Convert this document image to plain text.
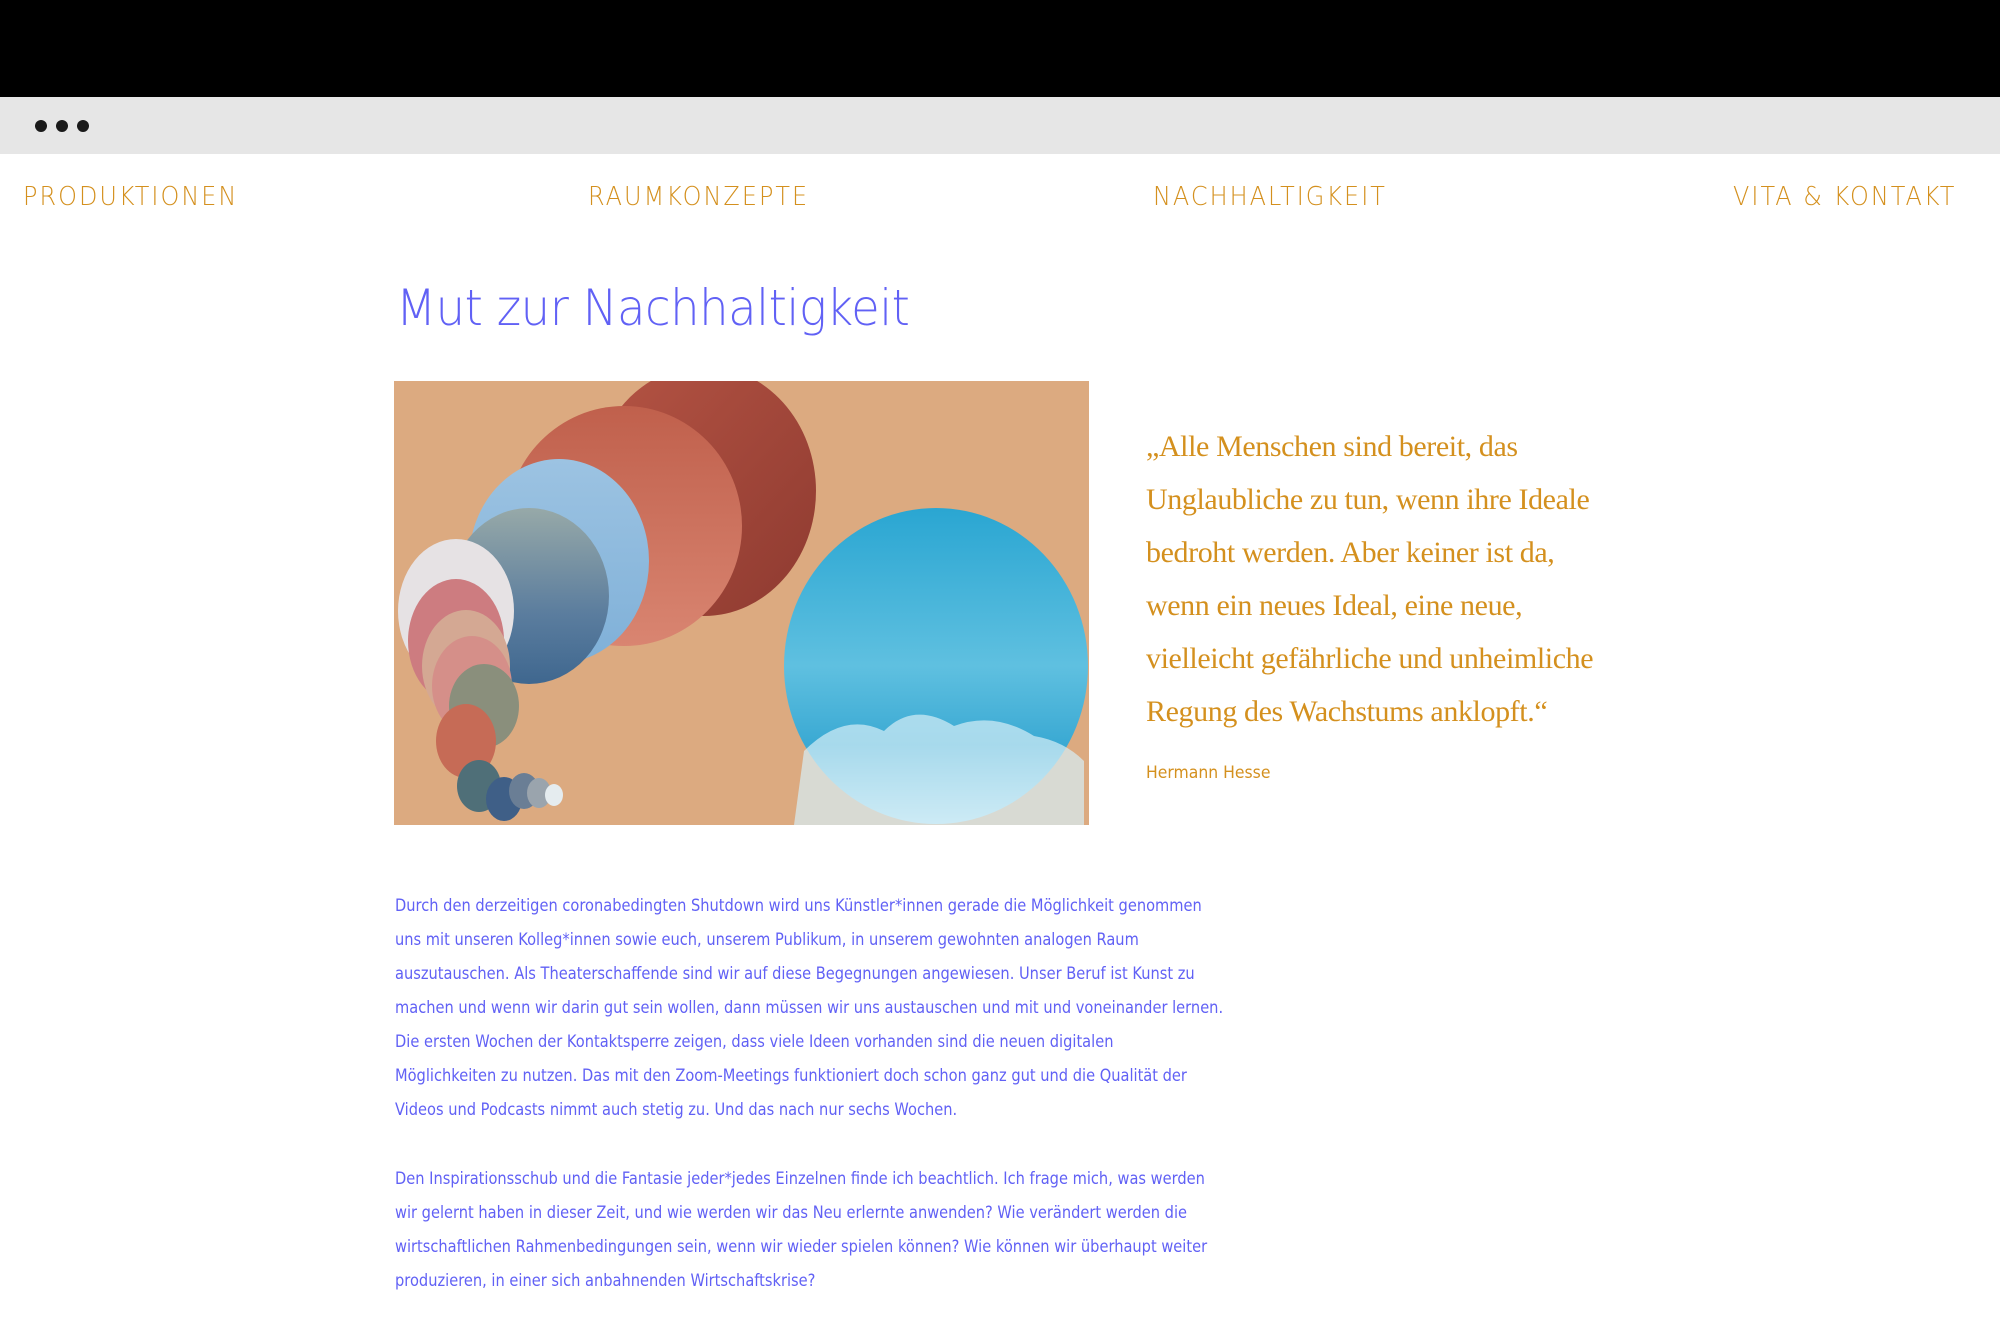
PRODUKTIONEN	RAUMKONZEPTE	NACHHALTIGKEIT	VITA & KONTAKT
Mut zur Nachhaltigkeit
„Alle Menschen sind bereit, das
Unglaubliche zu tun, wenn ihre Ideale
bedroht werden. Aber keiner ist da,
wenn ein neues Ideal, eine neue,
vielleicht gefährliche und unheimliche
Regung des Wachstums anklopft.“
Hermann Hesse
Durch den derzeitigen coronabedingten Shutdown wird uns Künstler*innen gerade die Möglichkeit genommen
uns mit unseren Kolleg*innen sowie euch, unserem Publikum, in unserem gewohnten analogen Raum
auszutauschen. Als Theaterschaffende sind wir auf diese Begegnungen angewiesen. Unser Beruf ist Kunst zu
machen und wenn wir darin gut sein wollen, dann müssen wir uns austauschen und mit und voneinander lernen.
Die ersten Wochen der Kontaktsperre zeigen, dass viele Ideen vorhanden sind die neuen digitalen
Möglichkeiten zu nutzen. Das mit den Zoom-Meetings funktioniert doch schon ganz gut und die Qualität der
Videos und Podcasts nimmt auch stetig zu. Und das nach nur sechs Wochen.
Den Inspirationsschub und die Fantasie jeder*jedes Einzelnen finde ich beachtlich. Ich frage mich, was werden
wir gelernt haben in dieser Zeit, und wie werden wir das Neu erlernte anwenden? Wie verändert werden die
wirtschaftlichen Rahmenbedingungen sein, wenn wir wieder spielen können? Wie können wir überhaupt weiter
produzieren, in einer sich anbahnenden Wirtschaftskrise?
